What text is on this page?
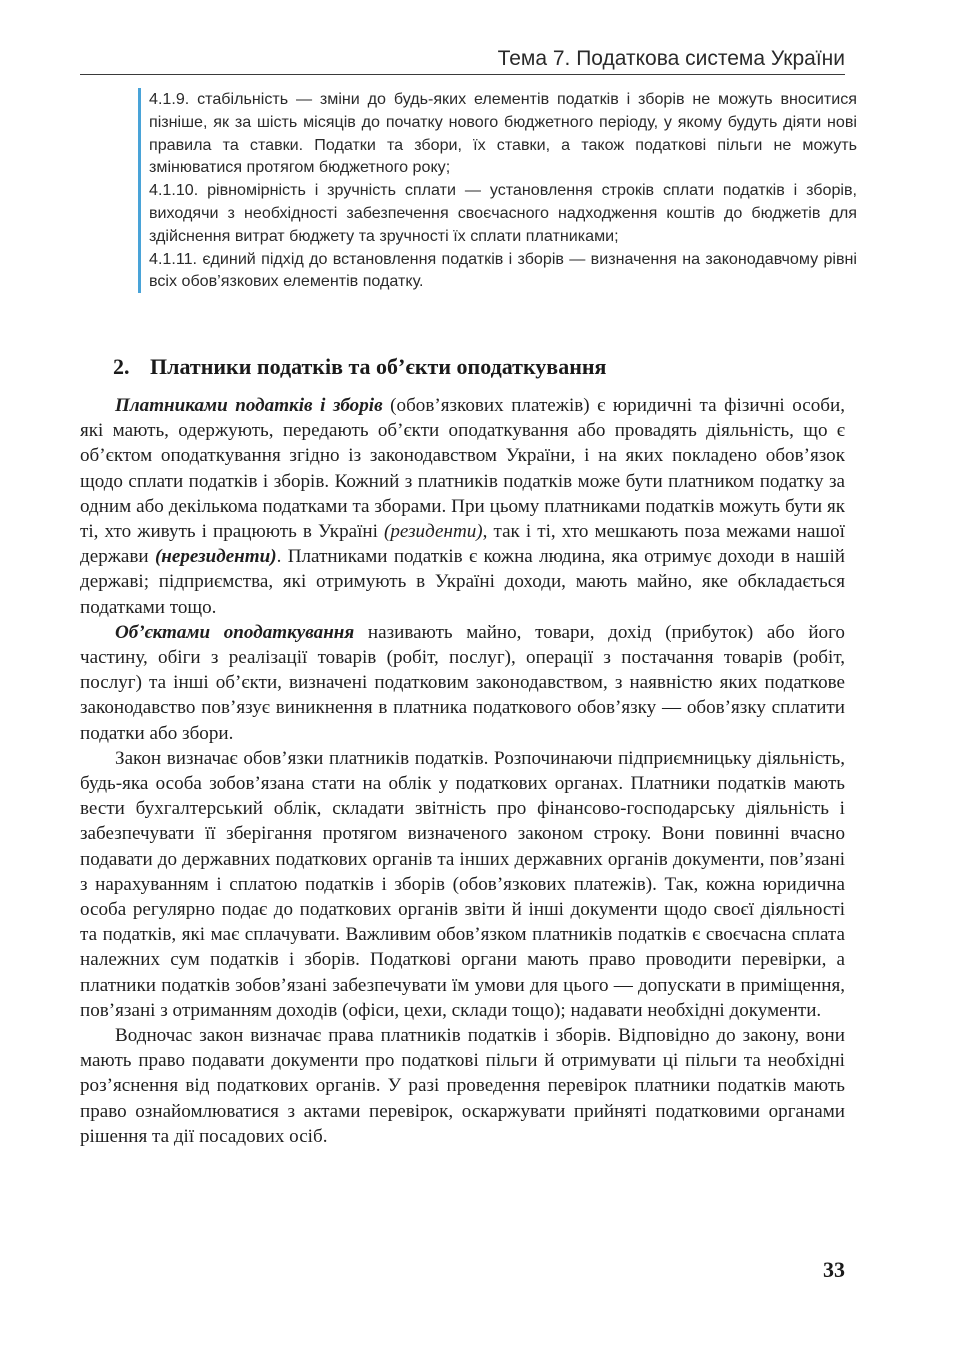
Тема 7. Податкова система України

4.1.9. стабільність — зміни до будь-яких елементів податків і зборів не можуть вноситися пізніше, як за шість місяців до початку нового бюджетного періоду, у якому будуть діяти нові правила та ставки. Податки та збори, їх ставки, а також податкові пільги не можуть змінюватися протягом бюджетного року;

4.1.10. рівномірність і зручність сплати — установлення строків сплати податків і зборів, виходячи з необхідності забезпечення своєчасного надходження коштів до бюджетів для здійснення витрат бюджету та зручності їх сплати платниками;

4.1.11. єдиний підхід до встановлення податків і зборів — визначення на законодавчому рівні всіх обов’язкових елементів податку.

2. Платники податків та об’єкти оподаткування

Платниками податків і зборів (обов’язкових платежів) є юридичні та фізичні особи, які мають, одержують, передають об’єкти оподаткування або провадять діяльність, що є об’єктом оподаткування згідно із законодавством України, і на яких покладено обов’язок щодо сплати податків і зборів. Кожний з платників податків може бути платником податку за одним або декількома податками та зборами. При цьому платниками податків можуть бути як ті, хто живуть і працюють в Україні (резиденти), так і ті, хто мешкають поза межами нашої держави (нерезиденти). Платниками податків є кожна людина, яка отримує доходи в нашій державі; підприємства, які отримують в Україні доходи, мають майно, яке обкладається податками тощо.

Об’єктами оподаткування називають майно, товари, дохід (прибуток) або його частину, обіги з реалізації товарів (робіт, послуг), операції з постачання товарів (робіт, послуг) та інші об’єкти, визначені податковим законодавством, з наявністю яких податкове законодавство пов’язує виникнення в платника податкового обов’язку — обов’язку сплатити податки або збори.

Закон визначає обов’язки платників податків. Розпочинаючи підприємницьку діяльність, будь-яка особа зобов’язана стати на облік у податкових органах. Платники податків мають вести бухгалтерський облік, складати звітність про фінансово-господарську діяльність і забезпечувати її зберігання протягом визначеного законом строку. Вони повинні вчасно подавати до державних податкових органів та інших державних органів документи, пов’язані з нарахуванням і сплатою податків і зборів (обов’язкових платежів). Так, кожна юридична особа регулярно подає до податкових органів звіти й інші документи щодо своєї діяльності та податків, які має сплачувати. Важливим обов’язком платників податків є своєчасна сплата належних сум податків і зборів. Податкові органи мають право проводити перевірки, а платники податків зобов’язані забезпечувати їм умови для цього — допускати в приміщення, пов’язані з отриманням доходів (офіси, цехи, склади тощо); надавати необхідні документи.

Водночас закон визначає права платників податків і зборів. Відповідно до закону, вони мають право подавати документи про податкові пільги й отримувати ці пільги та необхідні роз’яснення від податкових органів. У разі проведення перевірок платники податків мають право ознайомлюватися з актами перевірок, оскаржувати прийняті податковими органами рішення та дії посадових осіб.

33
